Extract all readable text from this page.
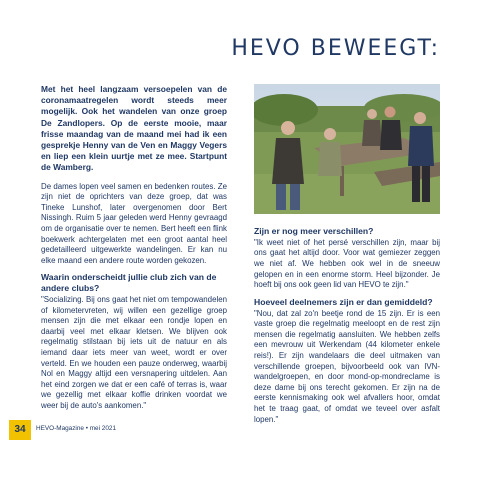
HEVO BEWEEGT:

Met het heel langzaam versoepelen van de coronamaatregelen wordt steeds meer mogelijk. Ook het wandelen van onze groep De Zandlopers. Op de eerste mooie, maar frisse maandag van de maand mei had ik een gesprekje Henny van de Ven en Maggy Vegers en liep een klein uurtje met ze mee. Startpunt de Wamberg.

De dames lopen veel samen en bedenken routes. Ze zijn niet de oprichters van deze groep, dat was Tineke Lunshof, later overgenomen door Bert Nissingh. Ruim 5 jaar geleden werd Henny gevraagd om de organisatie over te nemen. Bert heeft een flink boekwerk achtergelaten met een groot aantal heel gedetailleerd uitgewerkte wandelingen. Er kan nu elke maand een andere route worden gekozen.

Waarin onderscheidt jullie club zich van de andere clubs?

"Socializing. Bij ons gaat het niet om tempowandelen of kilometervreten, wij willen een gezellige groep mensen zijn die met elkaar een rondje lopen en daarbij veel met elkaar kletsen. We blijven ook regelmatig stilstaan bij iets uit de natuur en als iemand daar iets meer van weet, wordt er over verteld. En we houden een pauze onderweg, waarbij Nol en Maggy altijd een versnapering uitdelen. Aan het eind zorgen we dat er een café of terras is, waar we gezellig met elkaar koffie drinken voordat we weer bij de auto's aankomen."

Zijn er nog meer verschillen?

"Ik weet niet of het persé verschillen zijn, maar bij ons gaat het altijd door. Voor wat gemiezer zeggen we niet af. We hebben ook wel in de sneeuw gelopen en in een enorme storm. Heel bijzonder. Je hoeft bij ons ook geen lid van HEVO te zijn."

Hoeveel deelnemers zijn er dan gemiddeld?

"Nou, dat zal zo'n beetje rond de 15 zijn. Er is een vaste groep die regelmatig meeloopt en de rest zijn mensen die regelmatig aansluiten. We hebben zelfs een mevrouw uit Werkendam (44 kilometer enkele reis!). Er zijn wandelaars die deel uitmaken van verschillende groepen, bijvoorbeeld ook van IVN- wandelgroepen, en door mond-op-mondreclame is deze dame bij ons terecht gekomen. Er zijn na de eerste kennismaking ook wel afvallers hoor, omdat het te traag gaat, of omdat we teveel over asfalt lopen."

34	HEVO-Magazine • mei 2021
